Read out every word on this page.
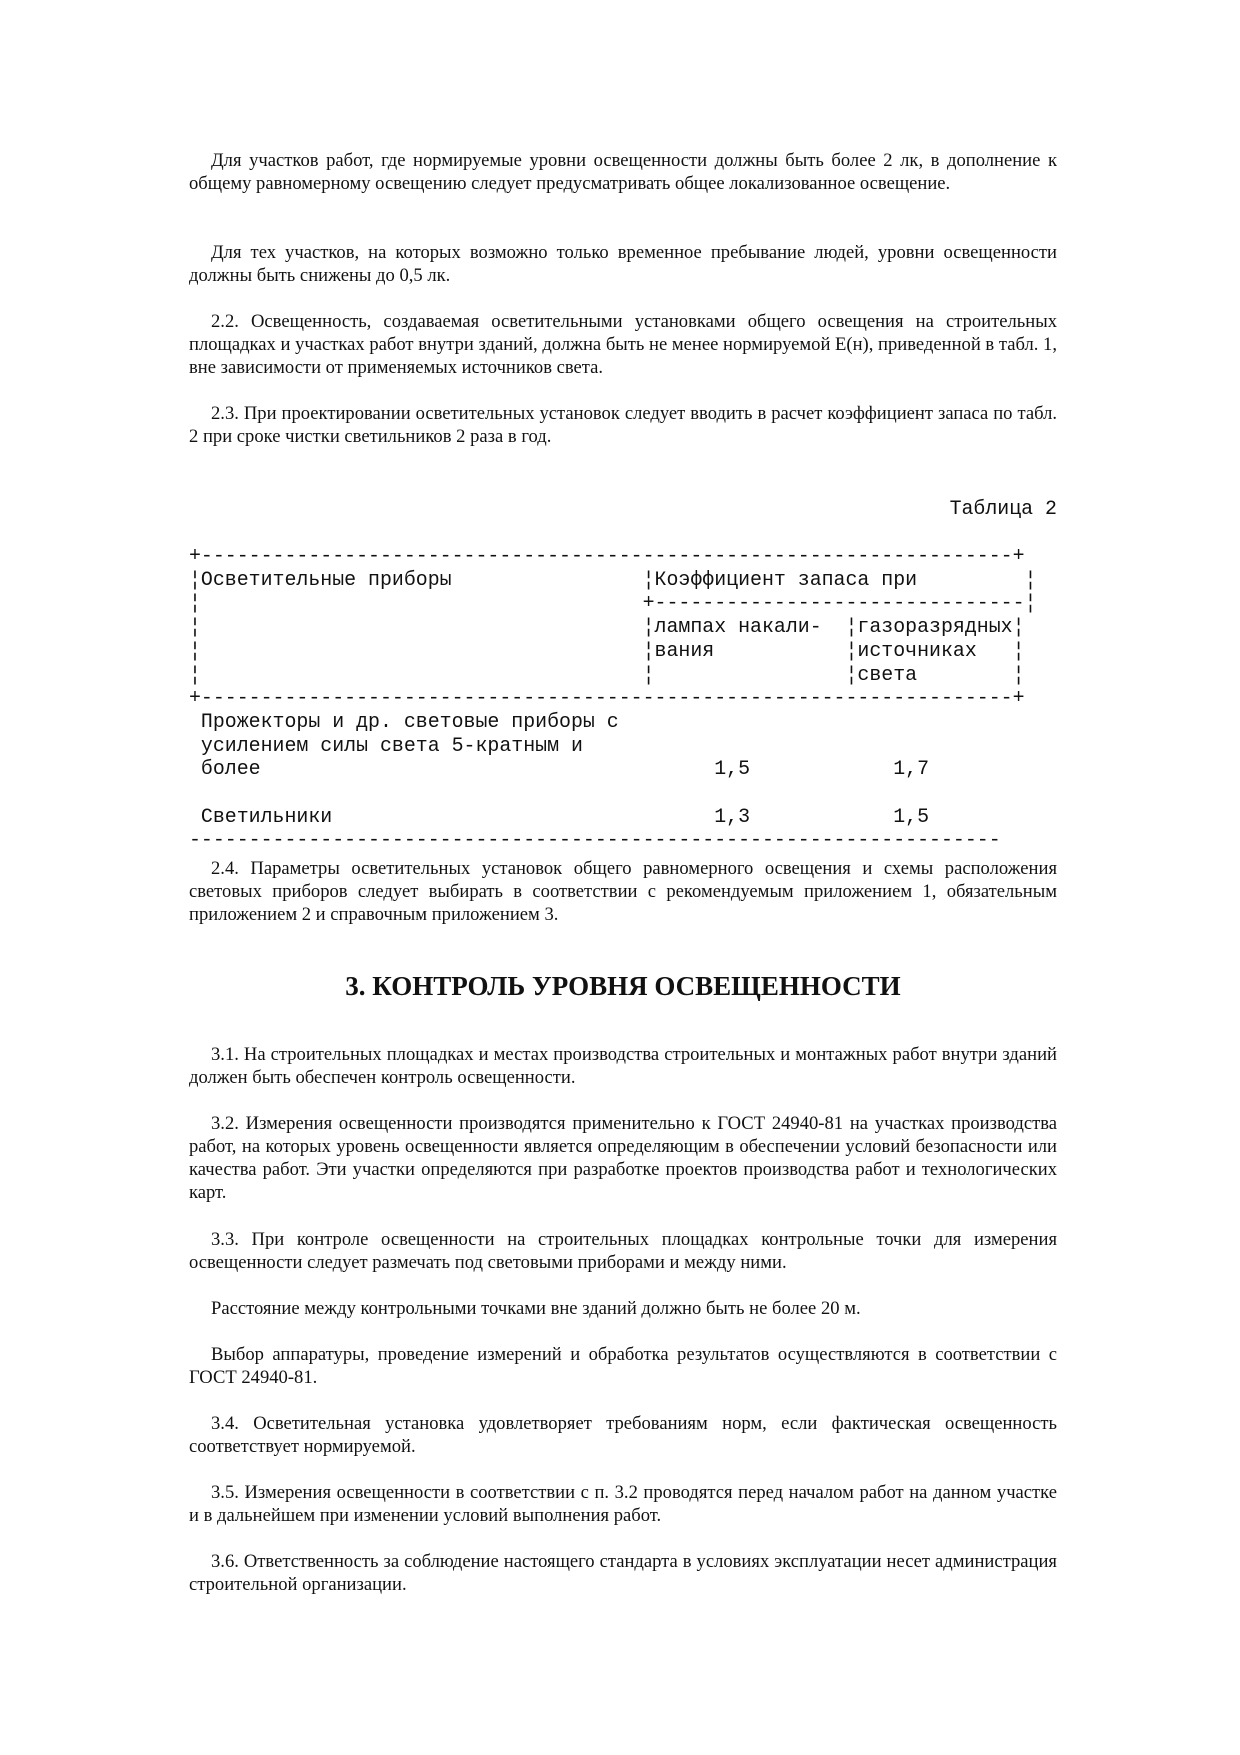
Для участков работ, где нормируемые уровни освещенности должны быть более 2 лк, в дополнение к общему равномерному освещению следует предусматривать общее локализованное освещение.

Для тех участков, на которых возможно только временное пребывание людей, уровни освещенности должны быть снижены до 0,5 лк.

2.2. Освещенность, создаваемая осветительными установками общего освещения на строительных площадках и участках работ внутри зданий, должна быть не менее нормируемой Е(н), приведенной в табл. 1, вне зависимости от применяемых источников света.

2.3. При проектировании осветительных установок следует вводить в расчет коэффициент запаса по табл. 2 при сроке чистки светильников 2 раза в год.

Таблица 2
+--------------------------------------------------------------------+
¦Осветительные приборы                ¦Коэффициент запаса при         ¦
¦                                     +-------------------------------¦
¦                                     ¦лампах накали-  ¦газоразрядных¦
¦                                     ¦вания           ¦источниках   ¦
¦                                     ¦                ¦света        ¦
+--------------------------------------------------------------------+
Прожекторы и др. световые приборы с
усилением силы света 5-кратным и
более                                      1,5            1,7

Светильники                                1,3            1,5
--------------------------------------------------------------------

2.4. Параметры осветительных установок общего равномерного освещения и схемы расположения световых приборов следует выбирать в соответствии с рекомендуемым приложением 1, обязательным приложением 2 и справочным приложением 3.

3. КОНТРОЛЬ УРОВНЯ ОСВЕЩЕННОСТИ

3.1. На строительных площадках и местах производства строительных и монтажных работ внутри зданий должен быть обеспечен контроль освещенности.

3.2. Измерения освещенности производятся применительно к ГОСТ 24940-81 на участках производства работ, на которых уровень освещенности является определяющим в обеспечении условий безопасности или качества работ. Эти участки определяются при разработке проектов производства работ и технологических карт.

3.3. При контроле освещенности на строительных площадках контрольные точки для измерения освещенности следует размечать под световыми приборами и между ними.

Расстояние между контрольными точками вне зданий должно быть не более 20 м.

Выбор аппаратуры, проведение измерений и обработка результатов осуществляются в соответствии с ГОСТ 24940-81.

3.4. Осветительная установка удовлетворяет требованиям норм, если фактическая освещенность соответствует нормируемой.

3.5. Измерения освещенности в соответствии с п. 3.2 проводятся перед началом работ на данном участке и в дальнейшем при изменении условий выполнения работ.

3.6. Ответственность за соблюдение настоящего стандарта в условиях эксплуатации несет администрация строительной организации.
